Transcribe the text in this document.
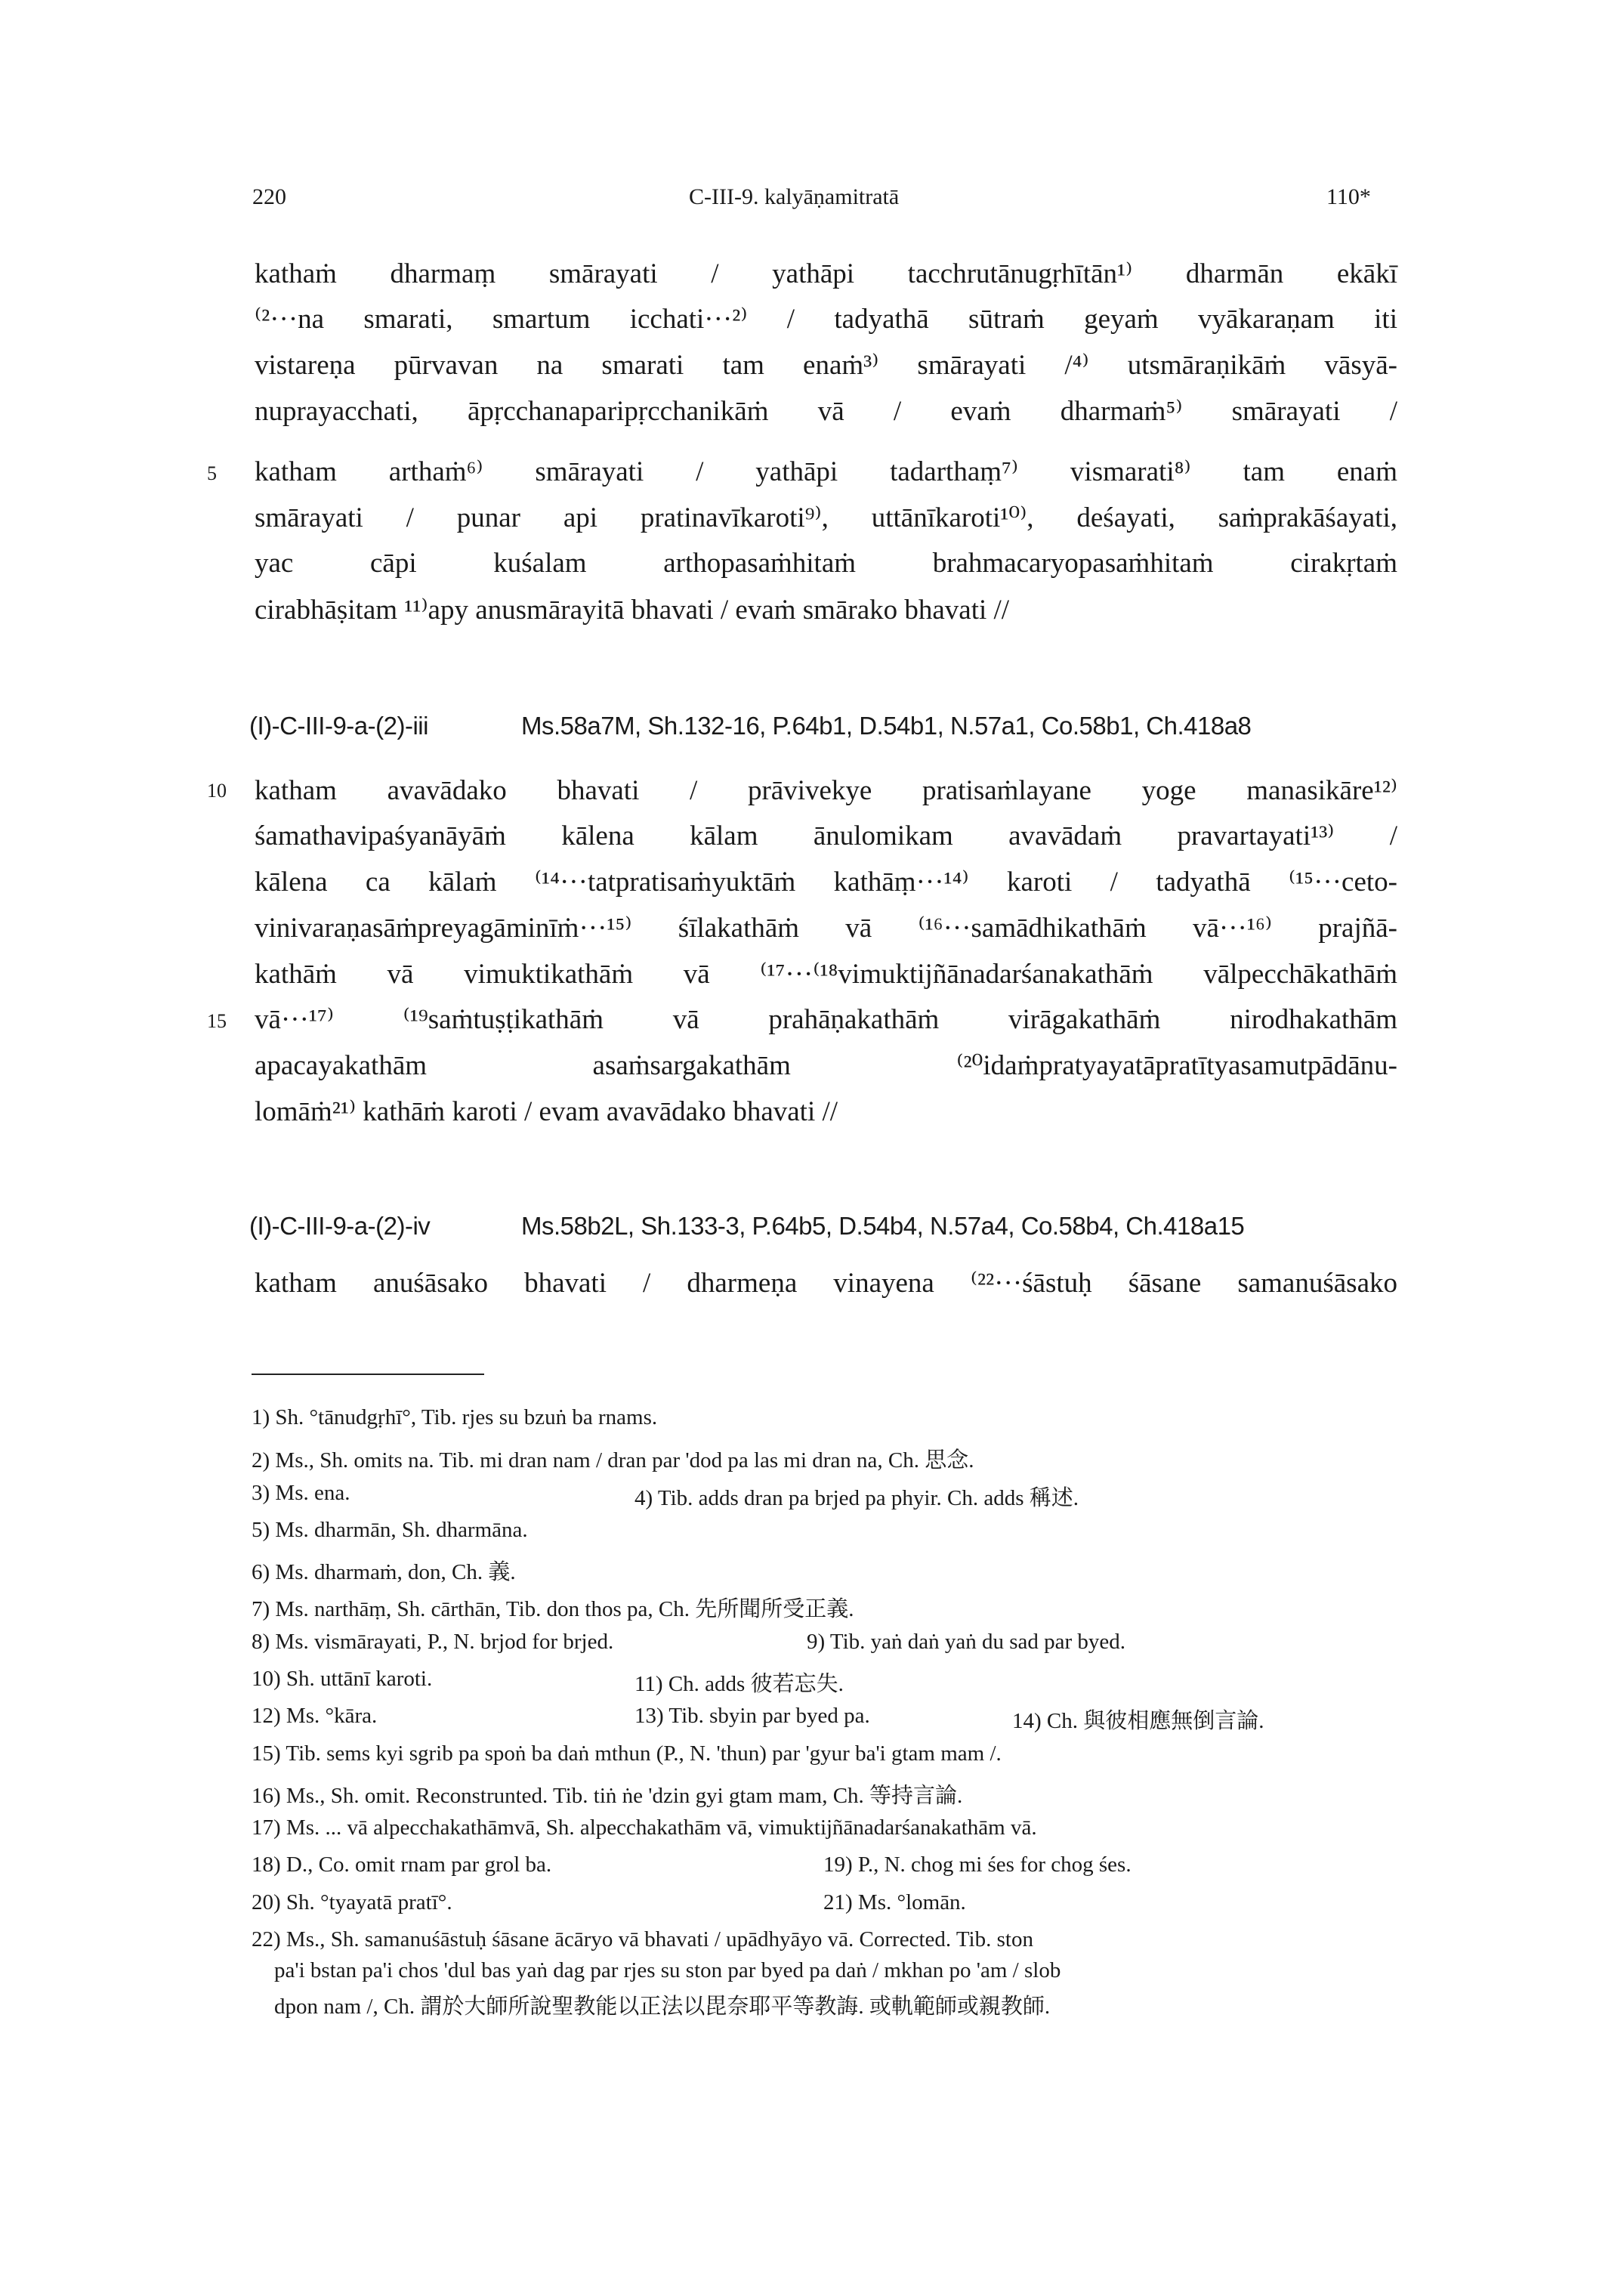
220	C-III-9. kalyāṇamitratā	110*
kathaṁ dharmaṃ smārayati / yathāpi tacchrutānugṛhītān¹⁾ dharmān ekākī
⁽²···na smarati, smartum icchati···²⁾ / tadyathā sūtraṁ geyaṁ vyākaraṇam iti
vistareṇa pūrvavan na smarati tam enaṁ³⁾ smārayati /⁴⁾ utsmāraṇikāṁ vāsyā-
nuprayacchati, āpṛcchanaparipṛcchanikāṁ vā / evaṁ dharmaṁ⁵⁾ smārayati /
5 katham arthaṁ⁶⁾ smārayati / yathāpi tadarthaṃ⁷⁾ vismarati⁸⁾ tam enaṁ
smārayati / punar api pratinavīkaroti⁹⁾, uttānīkaroti¹⁰⁾, deśayati, saṁprakāśayati,
yac cāpi kuśalam arthopasaṁhitaṁ brahmacaryopasaṁhitaṁ cirakṛtaṁ
cirabhāṣitam ¹¹⁾apy anusmārayitā bhavati / evaṁ smārako bhavati //
(I)-C-III-9-a-(2)-iii	Ms.58a7M, Sh.132-16, P.64b1, D.54b1, N.57a1, Co.58b1, Ch.418a8
10 katham avavādako bhavati / prāvivekye pratisaṁlayane yoge manasikāre¹²⁾
śamathavipaśyanāyāṁ kālena kālam ānulomikam avavādaṁ pravartayati¹³⁾ /
kālena ca kālaṁ ⁽¹⁴···tatpratisaṁyuktāṁ kathāṃ···¹⁴⁾ karoti / tadyathā ⁽¹⁵···ceto-
vinivaraṇasāṁpreyagāminīṁ···¹⁵⁾ śīlakathāṁ vā ⁽¹⁶···samādhikathāṁ vā···¹⁶⁾ prajñā-
kathāṁ vā vimuktikathāṁ vā ⁽¹⁷···⁽¹⁸vimuktijñānadarśanakathāṁ vālpecchākathāṁ
15 vā···¹⁷⁾ ⁽¹⁹saṁtuṣṭikathāṁ vā prahāṇakathāṁ virāgakathāṁ nirodhakathām
apacayakathām asaṁsargakathām ⁽²⁰idaṁpratyayatāpratītyasamutpādānu-
lomāṁ²¹⁾ kathāṁ karoti / evam avavādako bhavati //
(I)-C-III-9-a-(2)-iv	Ms.58b2L, Sh.133-3, P.64b5, D.54b4, N.57a4, Co.58b4, Ch.418a15
katham anuśāsako bhavati / dharmeṇa vinayena ⁽²²···śāstuḥ śāsane samanuśāsako
1) Sh. °tānudgṛhī°, Tib. rjes su bzuṅ ba rnams.
2) Ms., Sh. omits na. Tib. mi dran nam / dran par 'dod pa las mi dran na, Ch. 思念.
3) Ms. ena.	4) Tib. adds dran pa brjed pa phyir. Ch. adds 稱述.
5) Ms. dharmān, Sh. dharmāna.
6) Ms. dharmaṁ, don, Ch. 義.
7) Ms. narthāṃ, Sh. cārthān, Tib. don thos pa, Ch. 先所聞所受正義.
8) Ms. vismārayati, P., N. brjod for brjed.	9) Tib. yaṅ daṅ yaṅ du sad par byed.
10) Sh. uttānī karoti.	11) Ch. adds 彼若忘失.
12) Ms. °kāra.	13) Tib. sbyin par byed pa.	14) Ch. 與彼相應無倒言論.
15) Tib. sems kyi sgrib pa spoṅ ba daṅ mthun (P., N. 'thun) par 'gyur ba'i gtam mam /.
16) Ms., Sh. omit. Reconstrunted. Tib. tiṅ ṅe 'dzin gyi gtam mam, Ch. 等持言論.
17) Ms. ... vā alpecchakathāmvā, Sh. alpecchakathām vā, vimuktijñānadarśanakathām vā.
18) D., Co. omit rnam par grol ba.	19) P., N. chog mi śes for chog śes.
20) Sh. °tyayatā pratī°.	21) Ms. °lomān.
22) Ms., Sh. samanuśāstuḥ śāsane ācāryo vā bhavati / upādhyāyo vā. Corrected. Tib. ston
pa'i bstan pa'i chos 'dul bas yaṅ dag par rjes su ston par byed pa daṅ / mkhan po 'am / slob
dpon nam /, Ch. 謂於大師所說聖教能以正法以毘奈耶平等教誨. 或軌範師或親教師.
